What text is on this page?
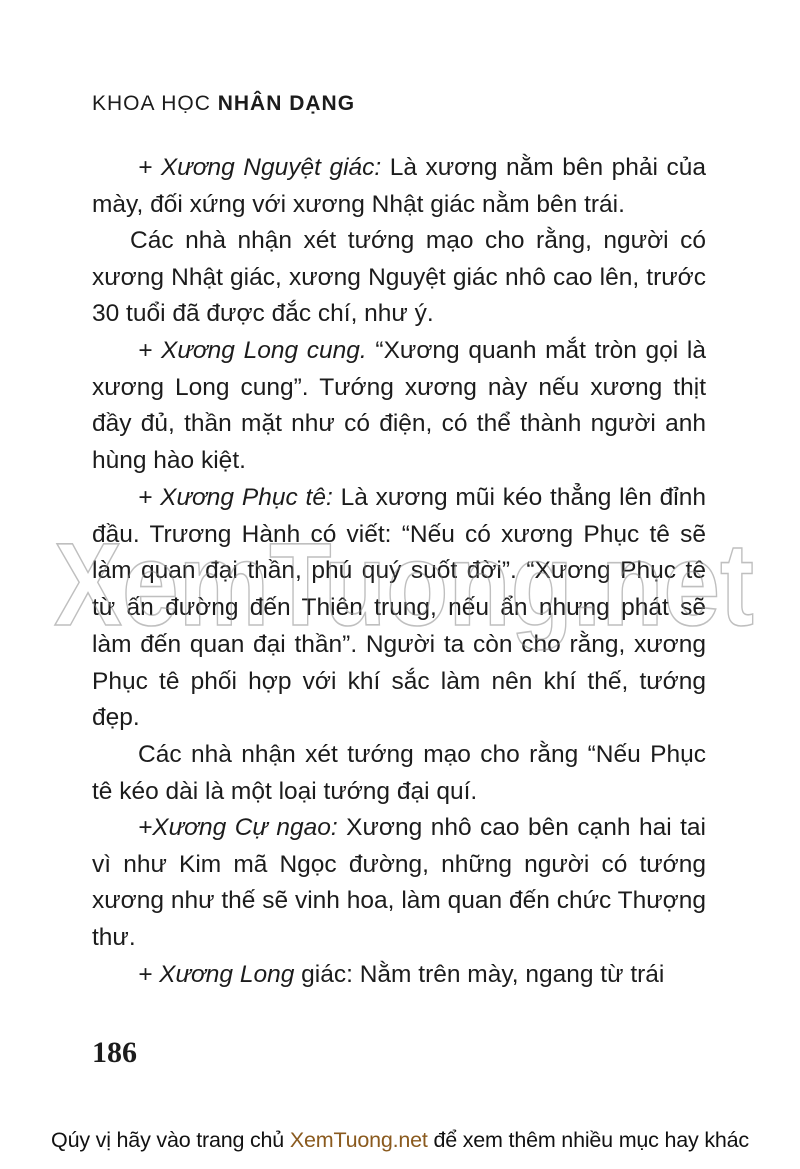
KHOA HỌC NHÂN DẠNG

+ Xương Nguyệt giác: Là xương nằm bên phải của mày, đối xứng với xương Nhật giác nằm bên trái.

Các nhà nhận xét tướng mạo cho rằng, người có xương Nhật giác, xương Nguyệt giác nhô cao lên, trước 30 tuổi đã được đắc chí, như ý.

+ Xương Long cung. “Xương quanh mắt tròn gọi là xương Long cung”. Tướng xương này nếu xương thịt đầy đủ, thần mặt như có điện, có thể thành người anh hùng hào kiệt.

+ Xương Phục tê: Là xương mũi kéo thẳng lên đỉnh đầu. Trương Hành có viết: “Nếu có xương Phục tê sẽ làm quan đại thần, phú quý suốt đời”. “Xương Phục tê từ ấn đường đến Thiên trung, nếu ẩn nhưng phát sẽ làm đến quan đại thần”. Người ta còn cho rằng, xương Phục tê phối hợp với khí sắc làm nên khí thế, tướng đẹp.

Các nhà nhận xét tướng mạo cho rằng “Nếu Phục tê kéo dài là một loại tướng đại quí.

+Xương Cự ngao: Xương nhô cao bên cạnh hai tai vì như Kim mã Ngọc đường, những người có tướng xương như thế sẽ vinh hoa, làm quan đến chức Thượng thư.

+ Xương Long giác: Nằm trên mày, ngang từ trái

XemTuong.net
186
Qúy vị hãy vào trang chủ XemTuong.net để xem thêm nhiều mục hay khác
